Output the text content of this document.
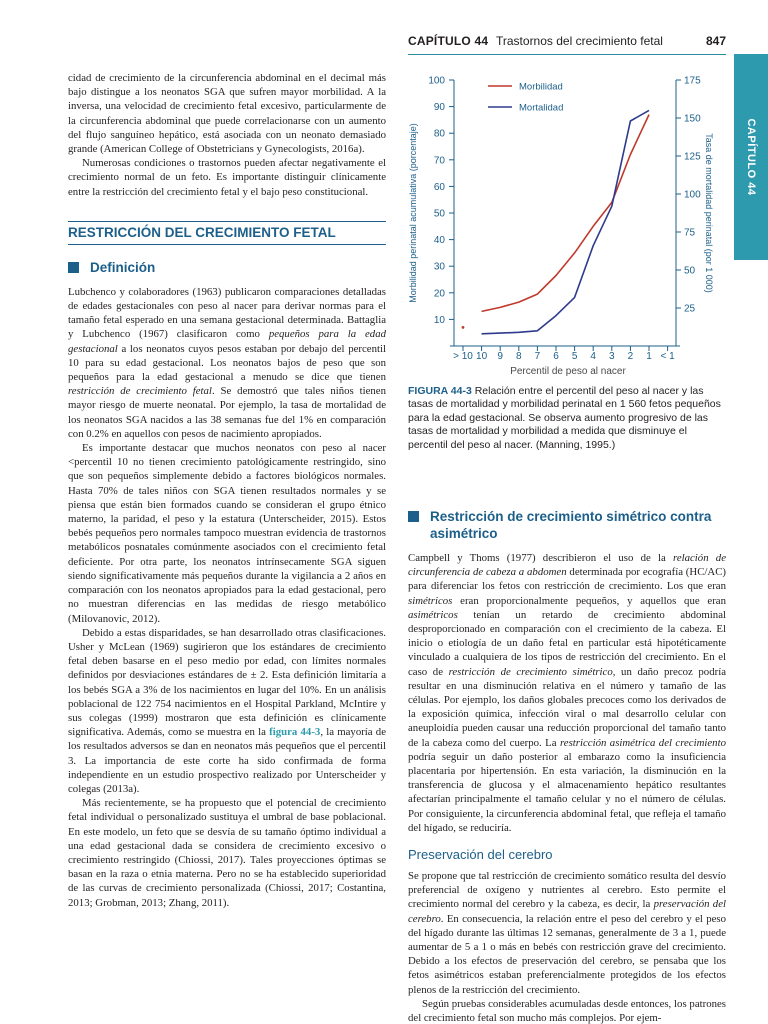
CAPÍTULO 44 Trastornos del crecimiento fetal	847
CAPÍTULO 44

cidad de crecimiento de la circunferencia abdominal en el decimal más bajo distingue a los neonatos SGA que sufren mayor morbilidad. A la inversa, una velocidad de crecimiento fetal excesivo, particularmente de la circunferencia abdominal que puede correlacionarse con un aumento del flujo sanguíneo hepático, está asociada con un neonato demasiado grande (American College of Obstetricians y Gynecologists, 2016a).

Numerosas condiciones o trastornos pueden afectar negativamente el crecimiento normal de un feto. Es importante distinguir clínicamente entre la restricción del crecimiento fetal y el bajo peso constitucional.

RESTRICCIÓN DEL CRECIMIENTO FETAL
Definición

Lubchenco y colaboradores (1963) publicaron comparaciones detalladas de edades gestacionales con peso al nacer para derivar normas para el tamaño fetal esperado en una semana gestacional determinada. Battaglia y Lubchenco (1967) clasificaron como pequeños para la edad gestacional a los neonatos cuyos pesos estaban por debajo del percentil 10 para su edad gestacional. Los neonatos bajos de peso que son pequeños para la edad gestacional a menudo se dice que tienen restricción de crecimiento fetal. Se demostró que tales niños tienen mayor riesgo de muerte neonatal. Por ejemplo, la tasa de mortalidad de los neonatos SGA nacidos a las 38 semanas fue del 1% en comparación con 0.2% en aquellos con pesos de nacimiento apropiados.

Es importante destacar que muchos neonatos con peso al nacer <percentil 10 no tienen crecimiento patológicamente restringido, sino que son pequeños simplemente debido a factores biológicos normales. Hasta 70% de tales niños con SGA tienen resultados normales y se piensa que están bien formados cuando se consideran el grupo étnico materno, la paridad, el peso y la estatura (Unterscheider, 2015). Estos bebés pequeños pero normales tampoco muestran evidencia de trastornos metabólicos posnatales comúnmente asociados con el crecimiento fetal deficiente. Por otra parte, los neonatos intrínsecamente SGA siguen siendo significativamente más pequeños durante la vigilancia a 2 años en comparación con los neonatos apropiados para la edad gestacional, pero no muestran diferencias en las medidas de riesgo metabólico (Milovanovic, 2012).

Debido a estas disparidades, se han desarrollado otras clasificaciones. Usher y McLean (1969) sugirieron que los estándares de crecimiento fetal deben basarse en el peso medio por edad, con límites normales definidos por desviaciones estándares de ± 2. Esta definición limitaría a los bebés SGA a 3% de los nacimientos en lugar del 10%. En un análisis poblacional de 122 754 nacimientos en el Hospital Parkland, McIntire y sus colegas (1999) mostraron que esta definición es clínicamente significativa. Además, como se muestra en la figura 44-3, la mayoría de los resultados adversos se dan en neonatos más pequeños que el percentil 3. La importancia de este corte ha sido confirmada de forma independiente en un estudio prospectivo realizado por Unterscheider y colegas (2013a).

Más recientemente, se ha propuesto que el potencial de crecimiento fetal individual o personalizado sustituya el umbral de base poblacional. En este modelo, un feto que se desvía de su tamaño óptimo individual a una edad gestacional dada se considera de crecimiento excesivo o crecimiento restringido (Chiossi, 2017). Tales proyecciones óptimas se basan en la raza o etnia materna. Pero no se ha establecido superioridad de las curvas de crecimiento personalizada (Chiossi, 2017; Costantina, 2013; Grobman, 2013; Zhang, 2011).

10
20
30
40
50
60
70
80
90
100
25
50
75
100
125
150
175
> 10 10 9 8 7 6 5 4 3 2 1 < 1
Percentil de peso al nacer
Morbilidad perinatal acumulativa (porcentaje)	Tasa de mortalidad perinatal (por 1 000)
Morbilidad
Mortalidad
FIGURA 44-3 Relación entre el percentil del peso al nacer y las tasas de mortalidad y morbilidad perinatal en 1 560 fetos pequeños para la edad gestacional. Se observa aumento progresivo de las tasas de mortalidad y morbilidad a medida que disminuye el percentil del peso al nacer. (Manning, 1995.)
Restricción de crecimiento simétrico contra asimétrico

Campbell y Thoms (1977) describieron el uso de la relación de circunferencia de cabeza a abdomen determinada por ecografía (HC/AC) para diferenciar los fetos con restricción de crecimiento. Los que eran simétricos eran proporcionalmente pequeños, y aquellos que eran asimétricos tenían un retardo de crecimiento abdominal desproporcionado en comparación con el crecimiento de la cabeza. El inicio o etiología de un daño fetal en particular está hipotéticamente vinculado a cualquiera de los tipos de restricción del crecimiento. En el caso de restricción de crecimiento simétrico, un daño precoz podría resultar en una disminución relativa en el número y tamaño de las células. Por ejemplo, los daños globales precoces como los derivados de la exposición química, infección viral o mal desarrollo celular con aneuploidía pueden causar una reducción proporcional del tamaño tanto de la cabeza como del cuerpo. La restricción asimétrica del crecimiento podría seguir un daño posterior al embarazo como la insuficiencia placentaria por hipertensión. En esta variación, la disminución en la transferencia de glucosa y el almacenamiento hepático resultantes afectarían principalmente el tamaño celular y no el número de células. Por consiguiente, la circunferencia abdominal fetal, que refleja el tamaño del hígado, se reduciría.

Preservación del cerebro

Se propone que tal restricción de crecimiento somático resulta del desvío preferencial de oxígeno y nutrientes al cerebro. Esto permite el crecimiento normal del cerebro y la cabeza, es decir, la preservación del cerebro. En consecuencia, la relación entre el peso del cerebro y el peso del hígado durante las últimas 12 semanas, generalmente de 3 a 1, puede aumentar de 5 a 1 o más en bebés con restricción grave del crecimiento. Debido a los efectos de preservación del cerebro, se pensaba que los fetos asimétricos estaban preferencialmente protegidos de los efectos plenos de la restricción del crecimiento.

Según pruebas considerables acumuladas desde entonces, los patrones del crecimiento fetal son mucho más complejos. Por ejem-
